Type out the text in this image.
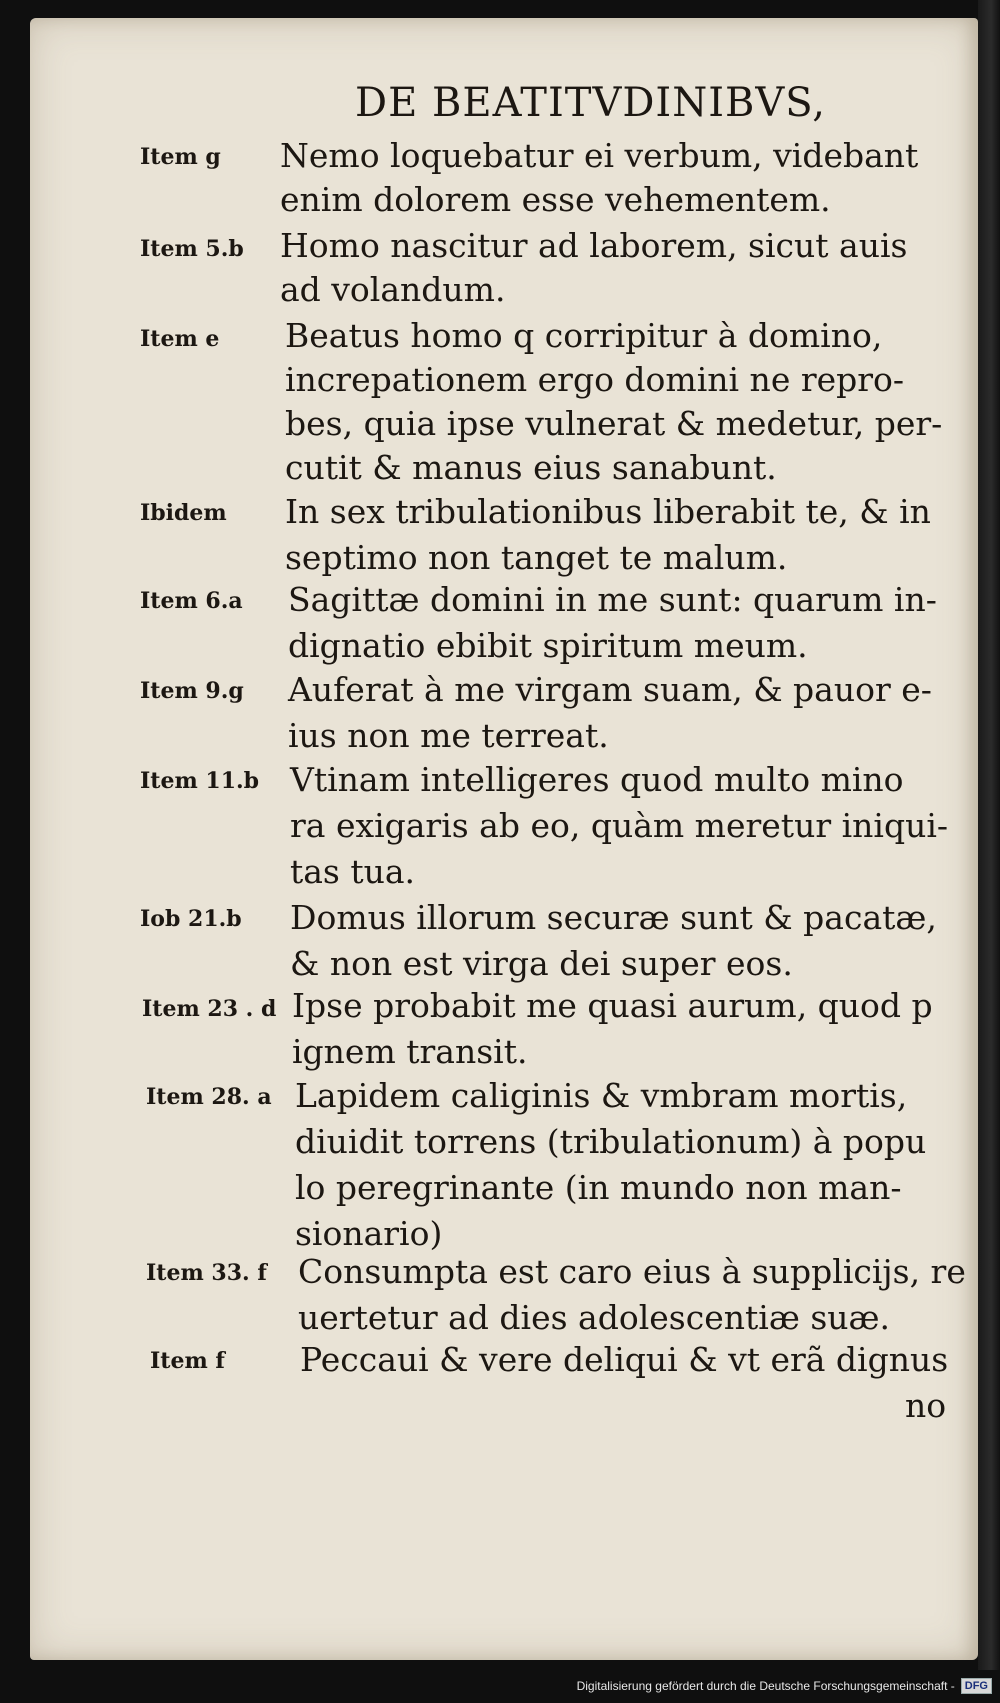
DE BEATITVDINIBVS,
Item g Nemo loquebatur ei verbum, videbant
enim dolorem esse vehementem.
Item 5.b Homo nascitur ad laborem, sicut auis
ad volandum.
Item e Beatus homo q corripitur à domino,
increpationem ergo domini ne repro-
bes, quia ipse vulnerat & medetur, per-
cutit & manus eius sanabunt.
Ibidem In sex tribulationibus liberabit te, & in
septimo non tanget te malum.
Item 6.a Sagittæ domini in me sunt: quarum in-
dignatio ebibit spiritum meum.
Item 9.g Auferat à me virgam suam, & pauor e-
ius non me terreat.
Item 11.b Vtinam intelligeres quod multo mino
ra exigaris ab eo, quàm meretur iniqui-
tas tua.
Iob 21.b Domus illorum securæ sunt & pacatæ,
& non est virga dei super eos.
Item 23 . d Ipse probabit me quasi aurum, quod p
ignem transit.
Item 28. a Lapidem caliginis & vmbram mortis,
diuidit torrens (tribulationum) à popu
lo peregrinante (in mundo non man-
sionario)
Item 33. f Consumpta est caro eius à supplicijs, re
uertetur ad dies adolescentiæ suæ.
Item f Peccaui & vere deliqui & vt erã dignus
no
Digitalisierung gefördert durch die Deutsche Forschungsgemeinschaft - DFG
